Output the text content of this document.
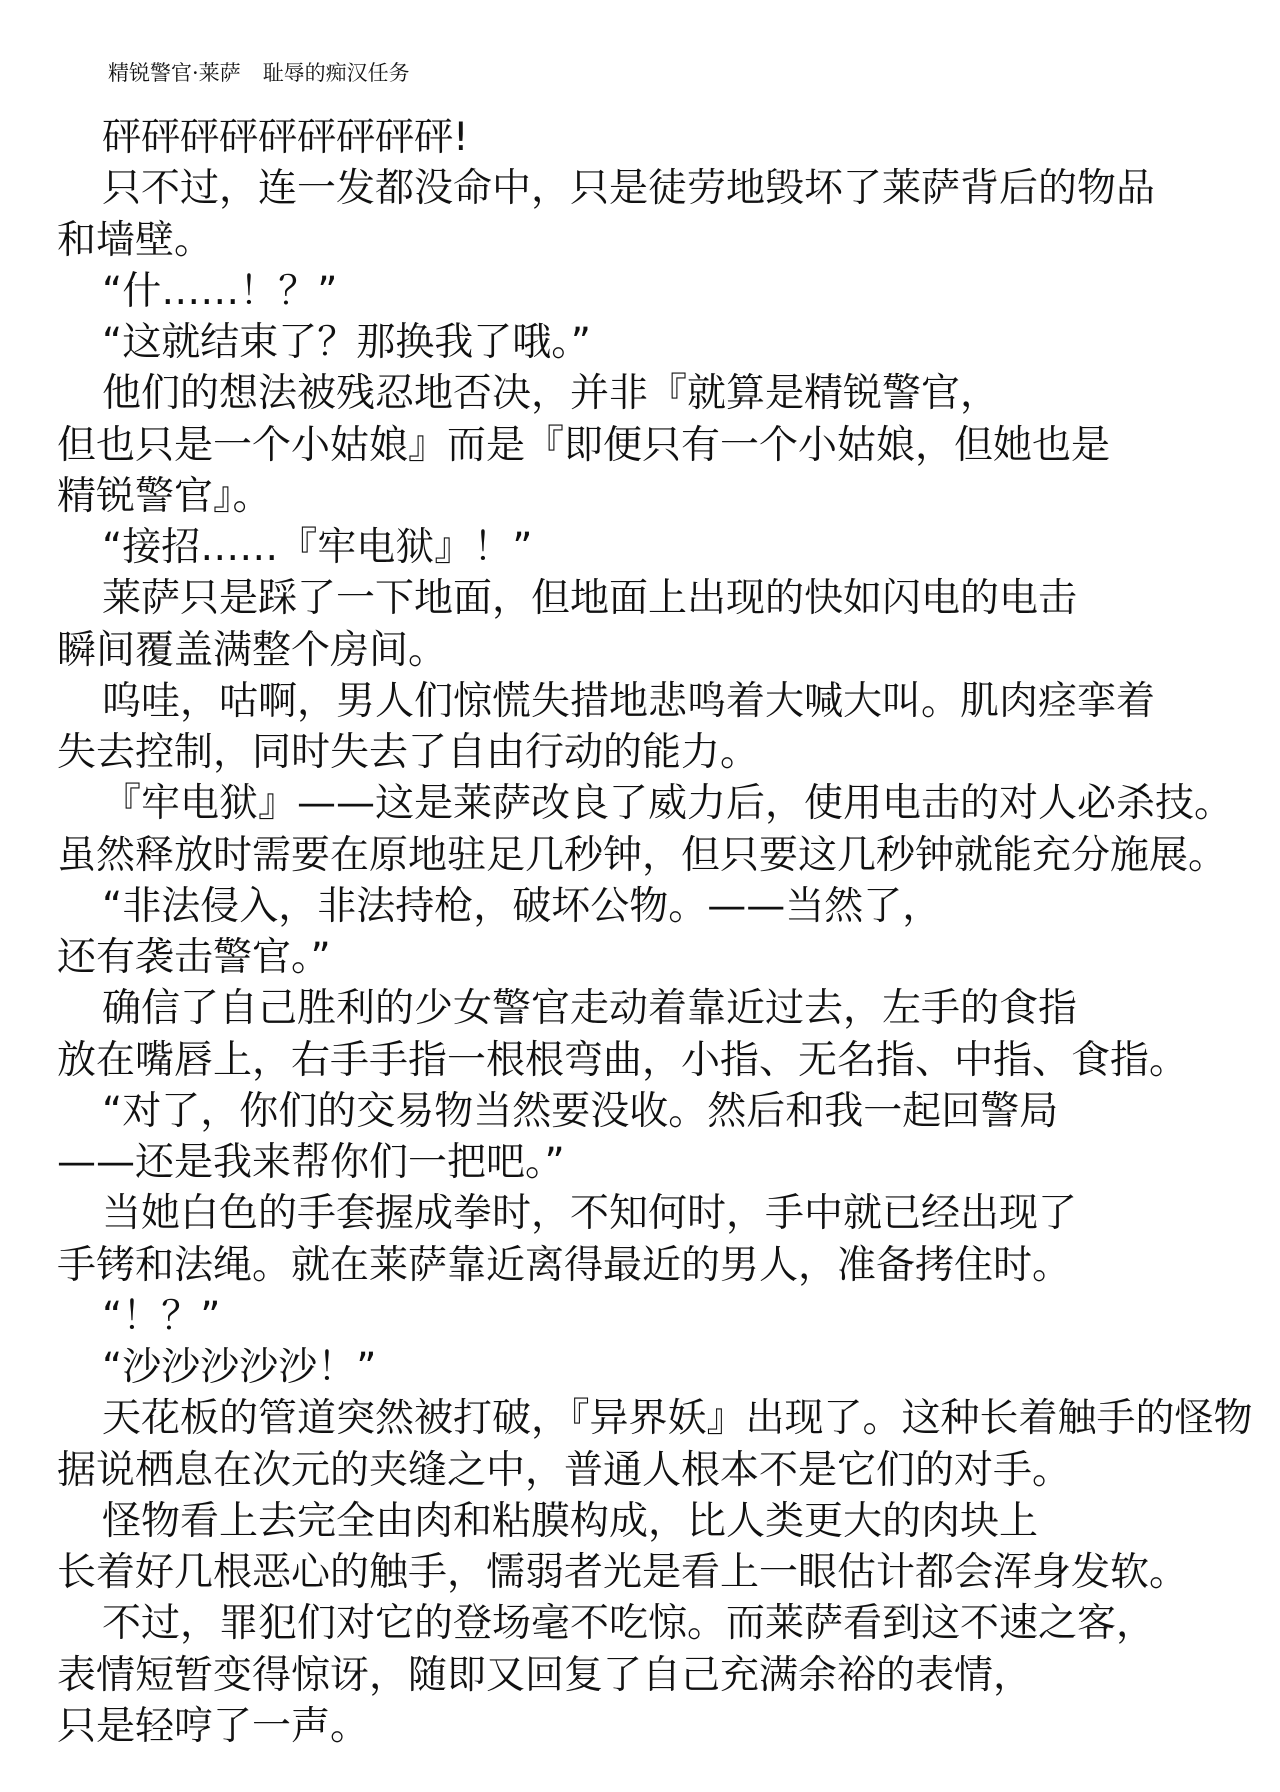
精锐警官·莱萨 耻辱的痴汉任务
砰砰砰砰砰砰砰砰砰!
只不过，连一发都没命中，只是徒劳地毁坏了莱萨背后的物品
和墙壁。
“什……！？”
“这就结束了？那换我了哦。”
他们的想法被残忍地否决，并非『就算是精锐警官，
但也只是一个小姑娘』而是『即便只有一个小姑娘，但她也是
精锐警官』。
“接招……『牢电狱』！”
莱萨只是踩了一下地面，但地面上出现的快如闪电的电击
瞬间覆盖满整个房间。
呜哇，咕啊，男人们惊慌失措地悲鸣着大喊大叫。肌肉痉挛着
失去控制，同时失去了自由行动的能力。
『牢电狱』——这是莱萨改良了威力后，使用电击的对人必杀技。
虽然释放时需要在原地驻足几秒钟，但只要这几秒钟就能充分施展。
“非法侵入，非法持枪，破坏公物。——当然了，
还有袭击警官。”
确信了自己胜利的少女警官走动着靠近过去，左手的食指
放在嘴唇上，右手手指一根根弯曲，小指、无名指、中指、食指。
“对了，你们的交易物当然要没收。然后和我一起回警局
——还是我来帮你们一把吧。”
当她白色的手套握成拳时，不知何时，手中就已经出现了
手铐和法绳。就在莱萨靠近离得最近的男人，准备拷住时。
“！？”
“沙沙沙沙沙！”
天花板的管道突然被打破，『异界妖』出现了。这种长着触手的怪物
据说栖息在次元的夹缝之中，普通人根本不是它们的对手。
怪物看上去完全由肉和粘膜构成，比人类更大的肉块上
长着好几根恶心的触手，懦弱者光是看上一眼估计都会浑身发软。
不过，罪犯们对它的登场毫不吃惊。而莱萨看到这不速之客，
表情短暂变得惊讶，随即又回复了自己充满余裕的表情，
只是轻哼了一声。
